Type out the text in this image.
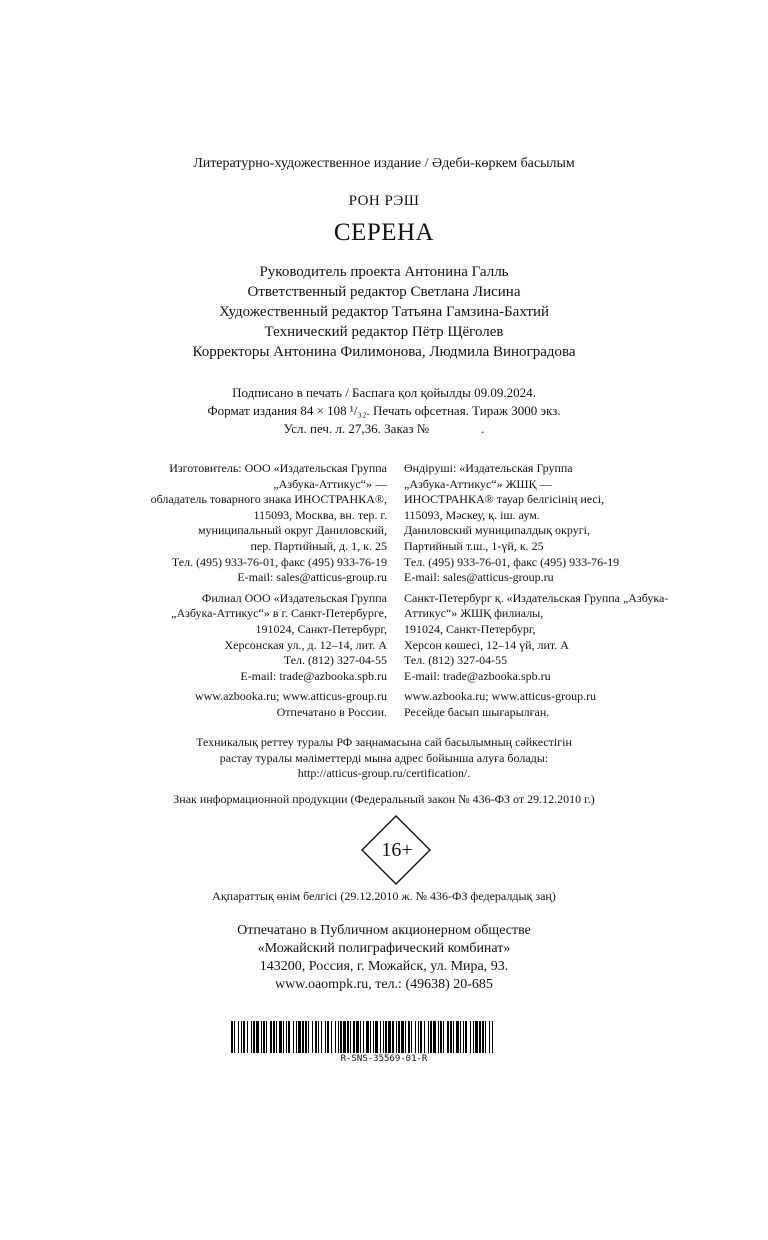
Литературно-художественное издание / Әдеби-көркем басылым
РОН РЭШ
СЕРЕНА
Руководитель проекта Антонина Галль
Ответственный редактор Светлана Лисина
Художественный редактор Татьяна Гамзина-Бахтий
Технический редактор Пётр Щёголев
Корректоры Антонина Филимонова, Людмила Виноградова
Подписано в печать / Баспаға қол қойылды 09.09.2024.
Формат издания 84 × 108 ¹/₃₂. Печать офсетная. Тираж 3000 экз.
Усл. печ. л. 27,36. Заказ №                .
Изготовитель: ООО «Издательская Группа
„Азбука-Аттикус“» —
обладатель товарного знака ИНОСТРАНКА®,
115093, Москва, вн. тер. г.
муниципальный округ Даниловский,
пер. Партийный, д. 1, к. 25
Тел. (495) 933-76-01, факс (495) 933-76-19
E-mail: sales@atticus-group.ru
Филиал ООО «Издательская Группа
„Азбука-Аттикус“» в г. Санкт-Петербурге,
191024, Санкт-Петербург,
Херсонская ул., д. 12–14, лит. А
Тел. (812) 327-04-55
E-mail: trade@azbooka.spb.ru
www.azbooka.ru; www.atticus-group.ru
Отпечатано в России.
Өндіруші: «Издательская Группа
„Азбука-Аттикус“» ЖШҚ —
ИНОСТРАНКА® тауар белгісінің иесі,
115093, Мәскеу, қ. іш. аум.
Даниловский муниципалдық округі,
Партийный т.ш., 1-үй, к. 25
Тел. (495) 933-76-01, факс (495) 933-76-19
E-mail: sales@atticus-group.ru
Санкт-Петербург қ. «Издательская Группа „Азбука-
Аттикус“» ЖШҚ филиалы,
191024, Санкт-Петербург,
Херсон көшесі, 12–14 үй, лит. А
Тел. (812) 327-04-55
E-mail: trade@azbooka.spb.ru
www.azbooka.ru; www.atticus-group.ru
Ресейде басып шығарылған.
Техникалық реттеу туралы РФ заңнамасына сай басылымның сәйкестігін
растау туралы мәліметтерді мына адрес бойынша алуға болады:
http://atticus-group.ru/certification/.
Знак информационной продукции (Федеральный закон № 436-ФЗ от 29.12.2010 г.)
16+
Ақпараттық өнім белгісі (29.12.2010 ж. № 436-ФЗ федералдық заң)
Отпечатано в Публичном акционерном обществе
«Можайский полиграфический комбинат»
143200, Россия, г. Можайск, ул. Мира, 93.
www.oaompk.ru, тел.: (49638) 20-685
R-SNS-35569-01-R
